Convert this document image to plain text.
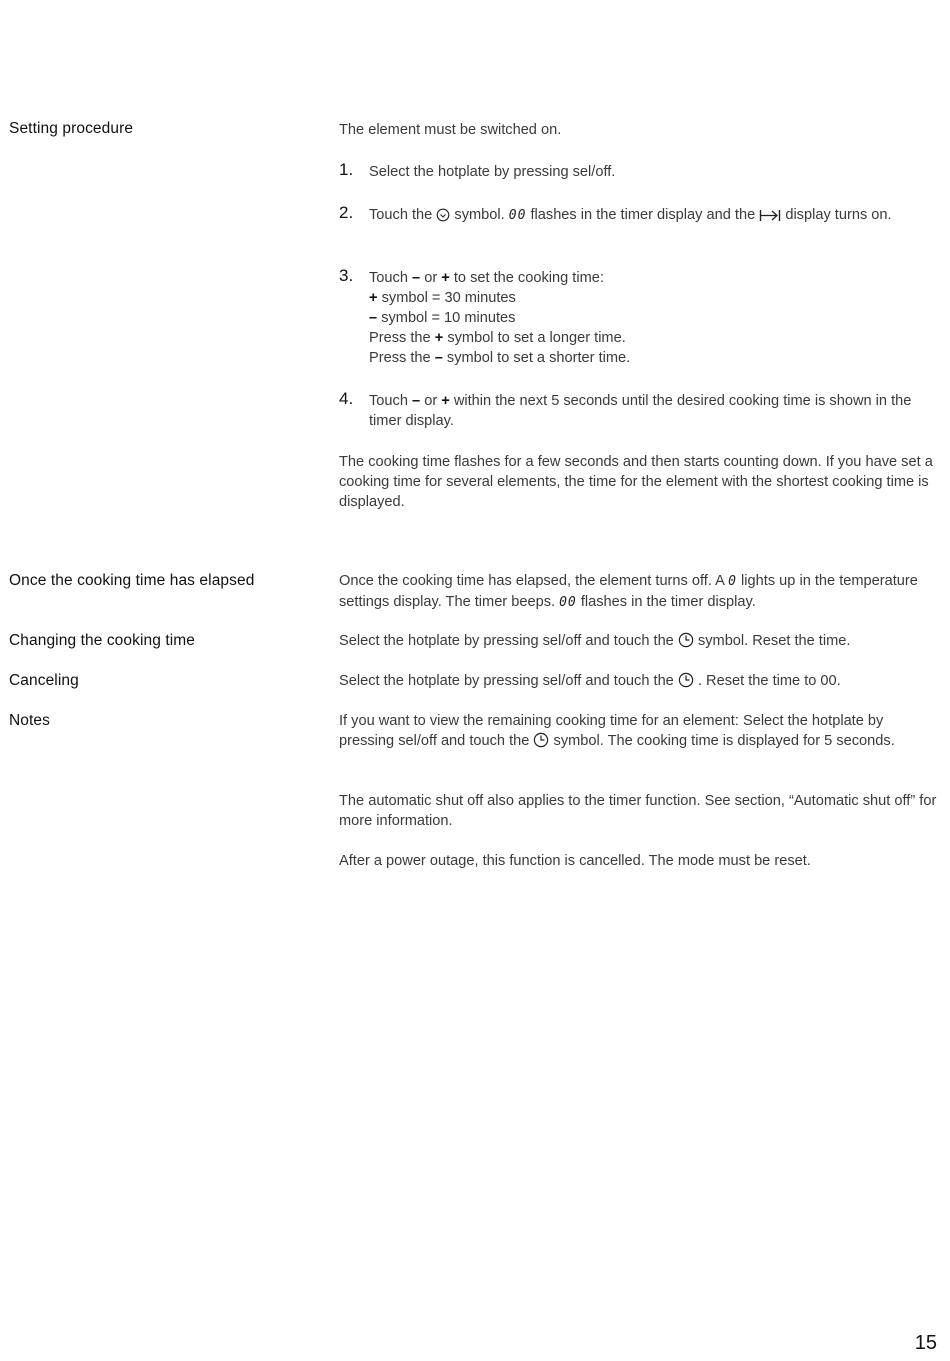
Setting procedure	The element must be switched on.
1. Select the hotplate by pressing sel/off.
2. Touch the symbol. 00 flashes in the timer display and the display turns on.
3. Touch – or + to set the cooking time:
+ symbol = 30 minutes
– symbol = 10 minutes
Press the + symbol to set a longer time.
Press the – symbol to set a shorter time.
4. Touch – or + within the next 5 seconds until the desired cooking time is shown in the timer display.
The cooking time flashes for a few seconds and then starts counting down. If you have set a cooking time for several elements, the time for the element with the shortest cooking time is displayed.
Once the cooking time has elapsed	Once the cooking time has elapsed, the element turns off. A 0 lights up in the temperature settings display. The timer beeps. 00 flashes in the timer display.
Changing the cooking time	Select the hotplate by pressing sel/off and touch the symbol. Reset the time.
Canceling	Select the hotplate by pressing sel/off and touch the . Reset the time to 00.
Notes	If you want to view the remaining cooking time for an element: Select the hotplate by pressing sel/off and touch the symbol. The cooking time is displayed for 5 seconds.
The automatic shut off also applies to the timer function. See section, “Automatic shut off” for more information.
After a power outage, this function is cancelled. The mode must be reset.
15
